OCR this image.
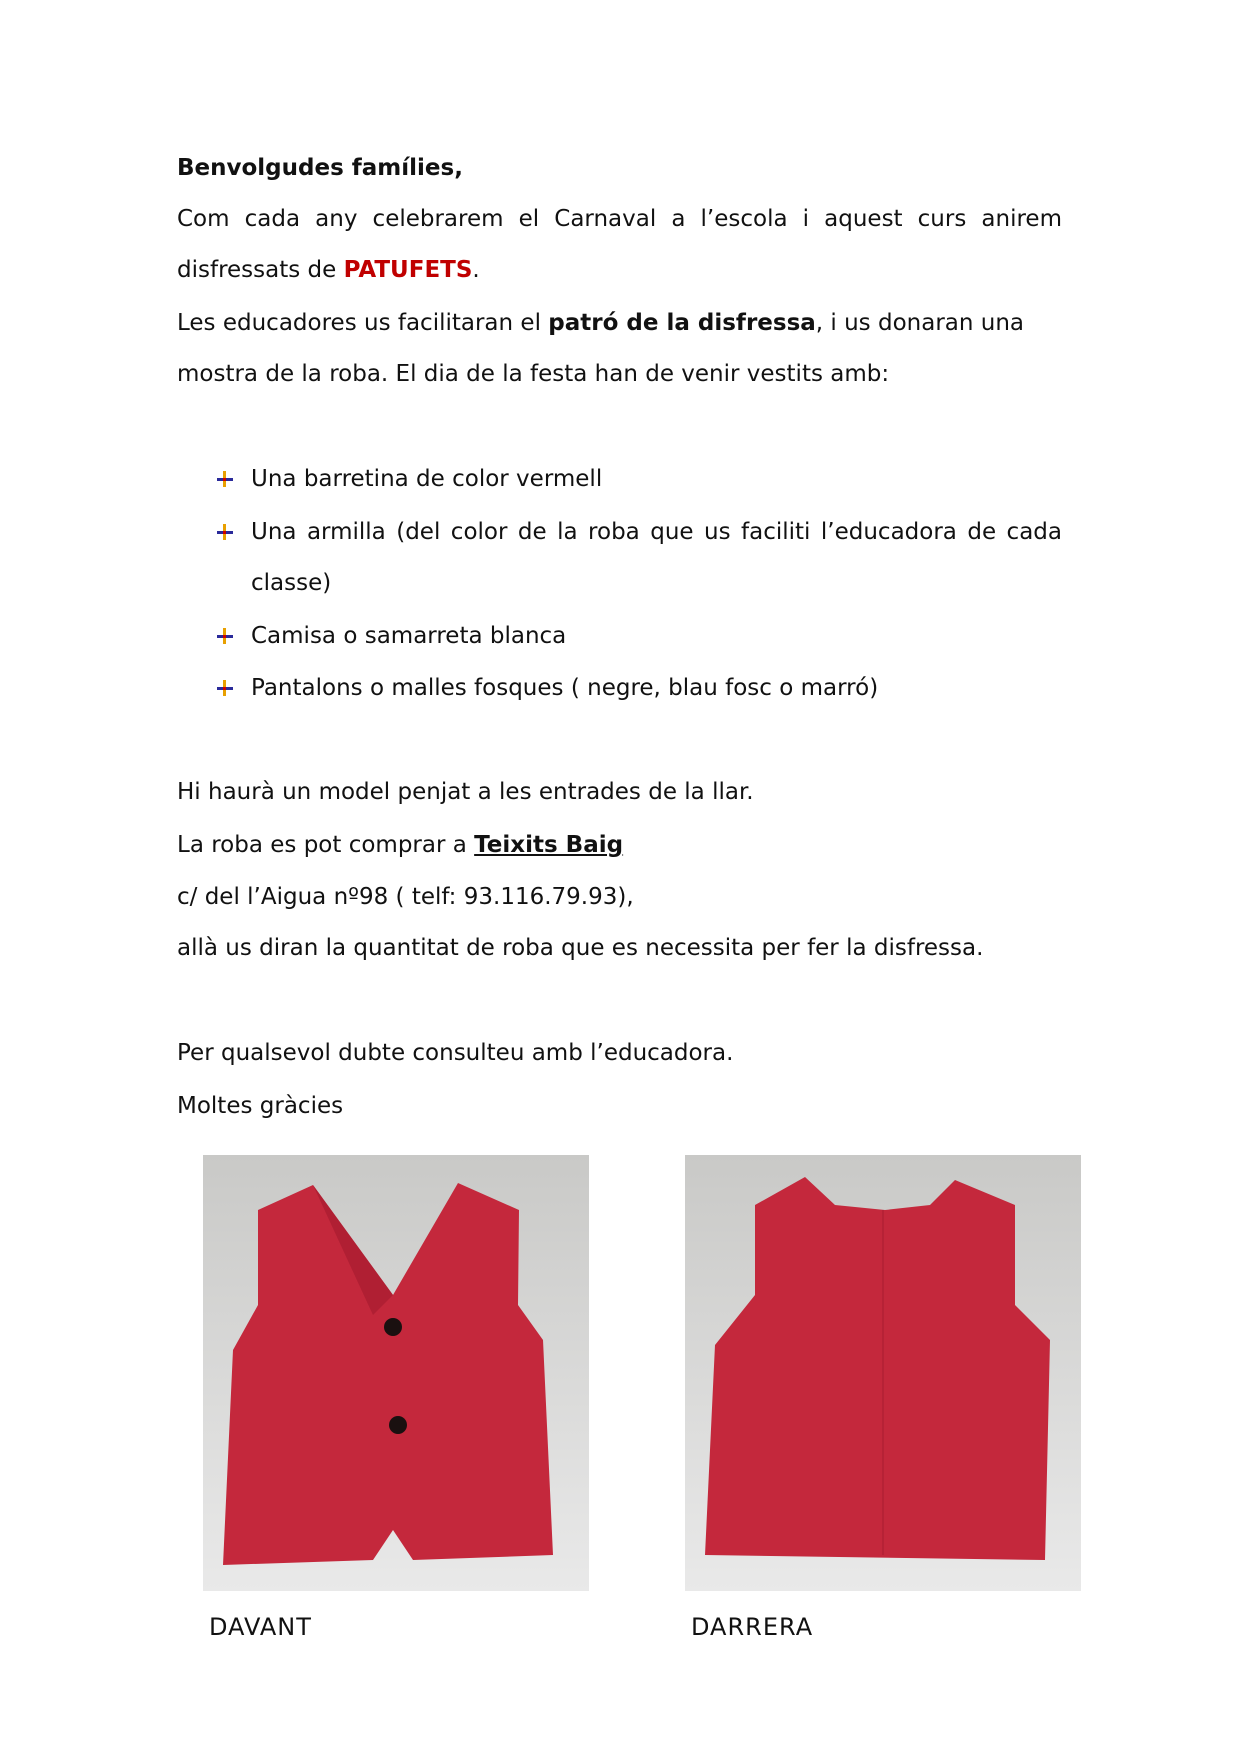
Benvolgudes famílies,
Com cada any celebrarem el Carnaval a l’escola i aquest curs anirem
disfressats de PATUFETS.
Les educadores us facilitaran el patró de la disfressa , i us donaran una
mostra de la roba. El dia de la festa han de venir vestits amb:
Una barretina de color vermell
Una armilla (del color de la roba que us faciliti l’educadora de cada
classe)
Camisa o samarreta blanca
Pantalons o malles fosques ( negre, blau fosc o marró)
Hi haurà un model penjat a les entrades de la llar.
La roba es pot comprar a Teixits Baig
c/ del l’Aigua nº98 ( telf: 93.116.79.93),
allà us diran la quantitat de roba que es necessita per fer la disfressa.
Per qualsevol dubte consulteu amb l’educadora.
Moltes gràcies
DAVANT	DARRERA
